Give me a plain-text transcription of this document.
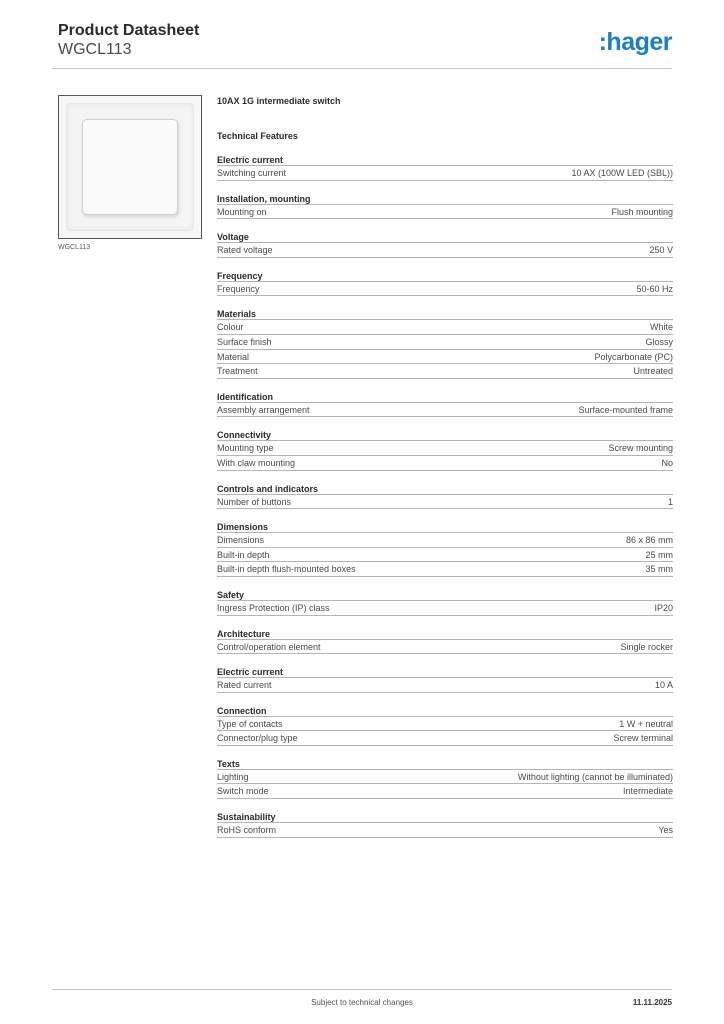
Product Datasheet
WGCL113	:hager
WGCL113
10AX 1G intermediate switch
Technical Features
Electric current
Switching current	10 AX (100W LED (SBL))
Installation, mounting
Mounting on	Flush mounting
Voltage
Rated voltage	250 V
Frequency
Frequency	50-60 Hz
Materials
Colour	White
Surface finish	Glossy
Material	Polycarbonate (PC)
Treatment	Untreated
Identification
Assembly arrangement	Surface-mounted frame
Connectivity
Mounting type	Screw mounting
With claw mounting	No
Controls and indicators
Number of buttons	1
Dimensions
Dimensions	86 x 86 mm
Built-in depth	25 mm
Built-in depth flush-mounted boxes	35 mm
Safety
Ingress Protection (IP) class	IP20
Architecture
Control/operation element	Single rocker
Electric current
Rated current	10 A
Connection
Type of contacts	1 W + neutral
Connector/plug type	Screw terminal
Texts
Lighting	Without lighting (cannot be illuminated)
Switch mode	Intermediate
Sustainability
RoHS conform	Yes
Subject to technical changes	11.11.2025
